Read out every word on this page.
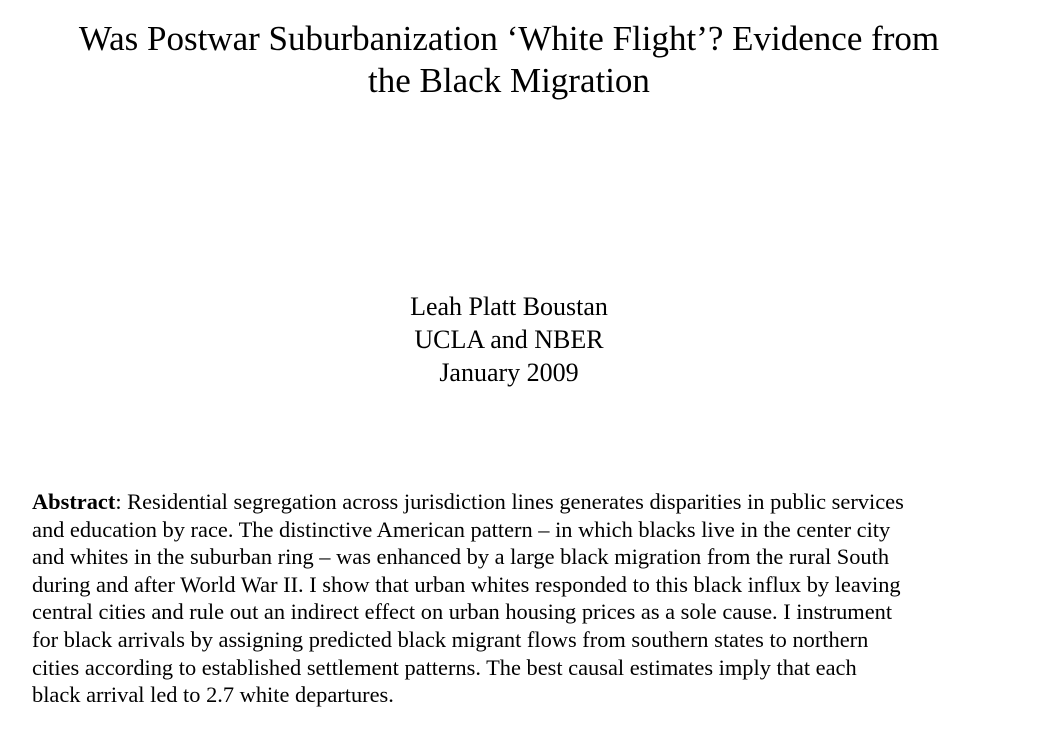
Was Postwar Suburbanization ‘White Flight’? Evidence from
the Black Migration
Leah Platt Boustan
UCLA and NBER
January 2009
Abstract: Residential segregation across jurisdiction lines generates disparities in public services
and education by race. The distinctive American pattern – in which blacks live in the center city
and whites in the suburban ring – was enhanced by a large black migration from the rural South
during and after World War II. I show that urban whites responded to this black influx by leaving
central cities and rule out an indirect effect on urban housing prices as a sole cause. I instrument
for black arrivals by assigning predicted black migrant flows from southern states to northern
cities according to established settlement patterns. The best causal estimates imply that each
black arrival led to 2.7 white departures.
